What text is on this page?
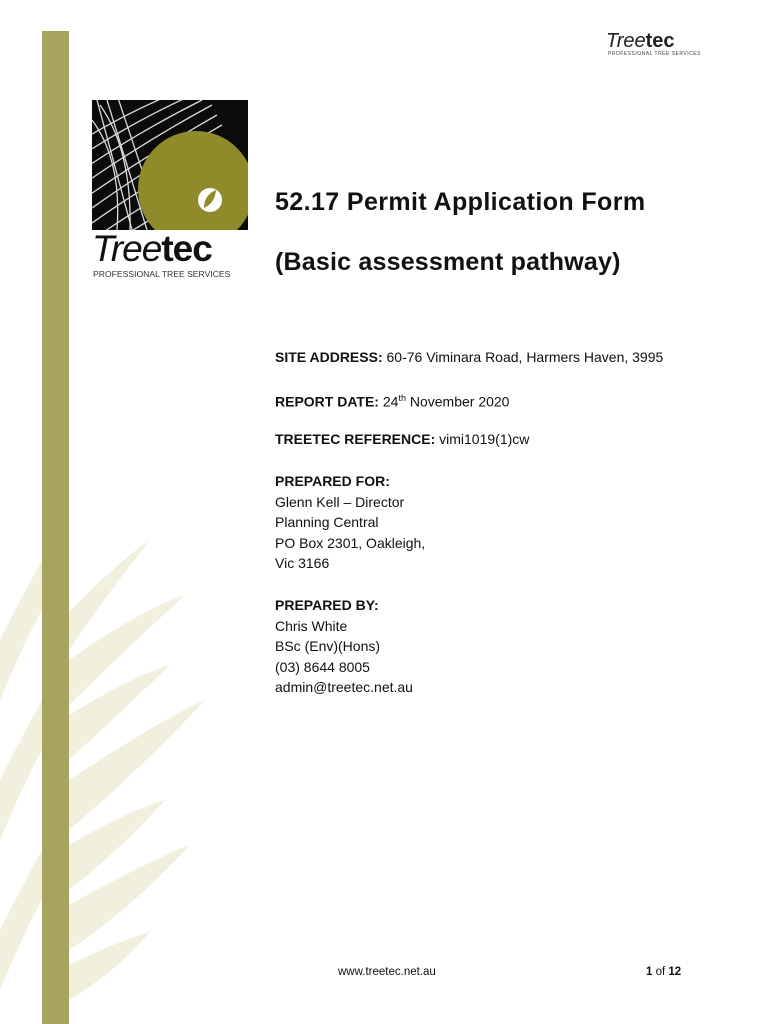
Treetec
PROFESSIONAL TREE SERVICES
Treetec
PROFESSIONAL TREE SERVICES
52.17 Permit Application Form
(Basic assessment pathway)
SITE ADDRESS: 60-76 Viminara Road, Harmers Haven, 3995
REPORT DATE: 24th November 2020
TREETEC REFERENCE: vimi1019(1)cw
PREPARED FOR:
Glenn Kell – Director
Planning Central
PO Box 2301, Oakleigh,
Vic 3166
PREPARED BY:
Chris White
BSc (Env)(Hons)
(03) 8644 8005
admin@treetec.net.au
www.treetec.net.au	1 of 12
